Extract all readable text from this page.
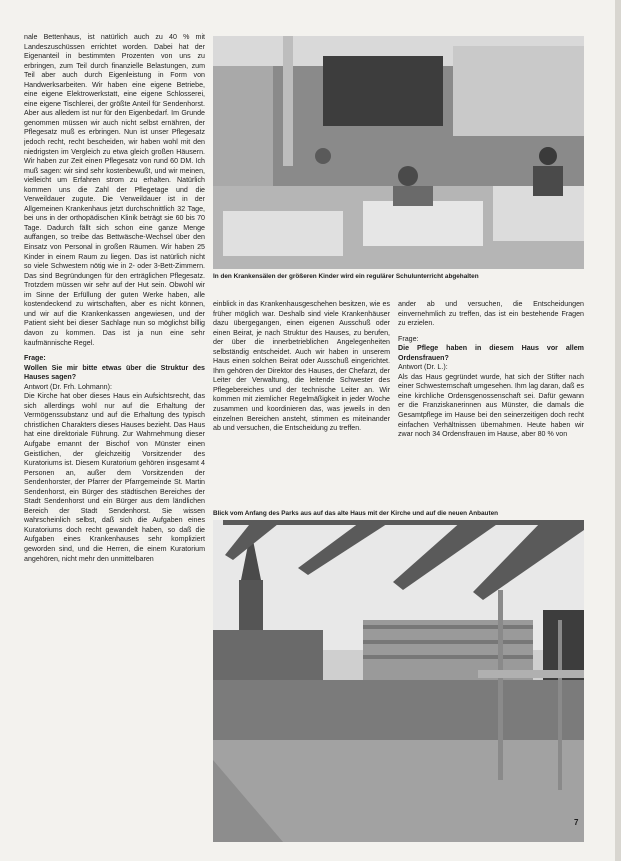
nale Bettenhaus, ist natürlich auch zu 40 % mit Landeszuschüssen errichtet worden. Dabei hat der Eigenanteil in bestimmten Prozenten von uns zu erbringen, zum Teil durch finanzielle Belastungen, zum Teil aber auch durch Eigenleistung in Form von Handwerksarbeiten. Wir haben eine eigene Betriebe, eine eigene Elektrowerkstatt, eine eigene Schlosserei, eine eigene Tischlerei, der größte Anteil für Sendenhorst. Aber aus alledem ist nur für den Eigenbedarf. Im Grunde genommen müssen wir auch nicht selbst ernähren, der Pflegesatz muß es erbringen. Nun ist unser Pflegesatz jedoch recht, recht bescheiden, wir haben wohl mit den niedrigsten im Vergleich zu etwa gleich großen Häusern. Wir haben zur Zeit einen Pflegesatz von rund 60 DM. Ich muß sagen: wir sind sehr kostenbewußt, und wir meinen, vielleicht um Erfahren strom zu erhalten. Natürlich kommen uns die Zahl der Pflegetage und die Verweildauer zugute. Die Verweildauer ist in der Allgemeinen Krankenhaus jetzt durchschnittlich 32 Tage, bei uns in der orthopädischen Klinik beträgt sie 60 bis 70 Tage. Dadurch fällt sich schon eine ganze Menge auffangen, so treibe das Bettwäsche-Wechsel über den Einsatz von Personal in großen Räumen. Wir haben 25 Kinder in einem Raum zu liegen. Das ist natürlich nicht so viele Schwestern nötig wie in 2- oder 3-Bett-Zimmern. Das sind Begründungen für den erträglichen Pflegesatz. Trotzdem müssen wir sehr auf der Hut sein. Obwohl wir im Sinne der Erfüllung der guten Werke haben, alle kostendeckend zu wirtschaften, aber es nicht können, und wir auf die Krankenkassen angewiesen, und der Patient sieht bei dieser Sachlage nun so möglichst billig davon zu kommen. Das ist ja nun eine sehr kaufmännische Regel.

Frage:

Wollen Sie mir bitte etwas über die Struktur des Hauses sagen?

Antwort (Dr. Frh. Lohmann):

Die Kirche hat ober dieses Haus ein Aufsichtsrecht, das sich allerdings wohl nur auf die Erhaltung der Vermögenssubstanz und auf die Erhaltung des typisch christlichen Charakters dieses Hauses bezieht. Das Haus hat eine direktoriale Führung. Zur Wahrnehmung dieser Aufgabe ernannt der Bischof von Münster einen Geistlichen, der gleichzeitig Vorsitzender des Kuratoriums ist. Diesem Kuratorium gehören insgesamt 4 Personen an, außer dem Vorsitzenden der Sendenhorster, der Pfarrer der Pfarrgemeinde St. Martin Sendenhorst, ein Bürger des städtischen Bereiches der Stadt Sendenhorst und ein Bürger aus dem ländlichen Bereich der Stadt Sendenhorst. Sie wissen wahrscheinlich selbst, daß sich die Aufgaben eines Kuratoriums doch recht gewandelt haben, so daß die Aufgaben eines Krankenhauses sehr kompliziert geworden sind, und die Herren, die einem Kuratorium angehören, nicht mehr den unmittelbaren

In den Krankensälen der größeren Kinder wird ein regulärer Schulunterricht abgehalten

einblick in das Krankenhausgeschehen besitzen, wie es früher möglich war. Deshalb sind viele Krankenhäuser dazu übergegangen, einen eigenen Ausschuß oder einen Beirat, je nach Struktur des Hauses, zu berufen, der über die innerbetrieblichen Angelegenheiten selbständig entscheidet. Auch wir haben in unserem Haus einen solchen Beirat oder Ausschuß eingerichtet. Ihm gehören der Direktor des Hauses, der Chefarzt, der Leiter der Verwaltung, die leitende Schwester des Pflegebereiches und der technische Leiter an. Wir kommen mit ziemlicher Regelmäßigkeit in jeder Woche zusammen und koordinieren das, was jeweils in den einzelnen Bereichen ansteht, stimmen es miteinander ab und versuchen, die Entscheidung zu treffen.

ander ab und versuchen, die Entscheidungen einvernehmlich zu treffen, das ist ein bestehende Fragen zu erzielen.

Frage:

Die Pflege haben in diesem Haus vor allem Ordensfrauen?

Antwort (Dr. L.):

Als das Haus gegründet wurde, hat sich der Stifter nach einer Schwesternschaft umgesehen. Ihm lag daran, daß es eine kirchliche Ordensgenossenschaft sei. Dafür gewann er die Franziskanerinnen aus Münster, die damals die Gesamtpflege im Hause bei den seinerzeitigen doch recht einfachen Verhältnissen übernahmen. Heute haben wir zwar noch 34 Ordensfrauen im Hause, aber 80 % von

Blick vom Anfang des Parks aus auf das alte Haus mit der Kirche und auf die neuen Anbauten
7
